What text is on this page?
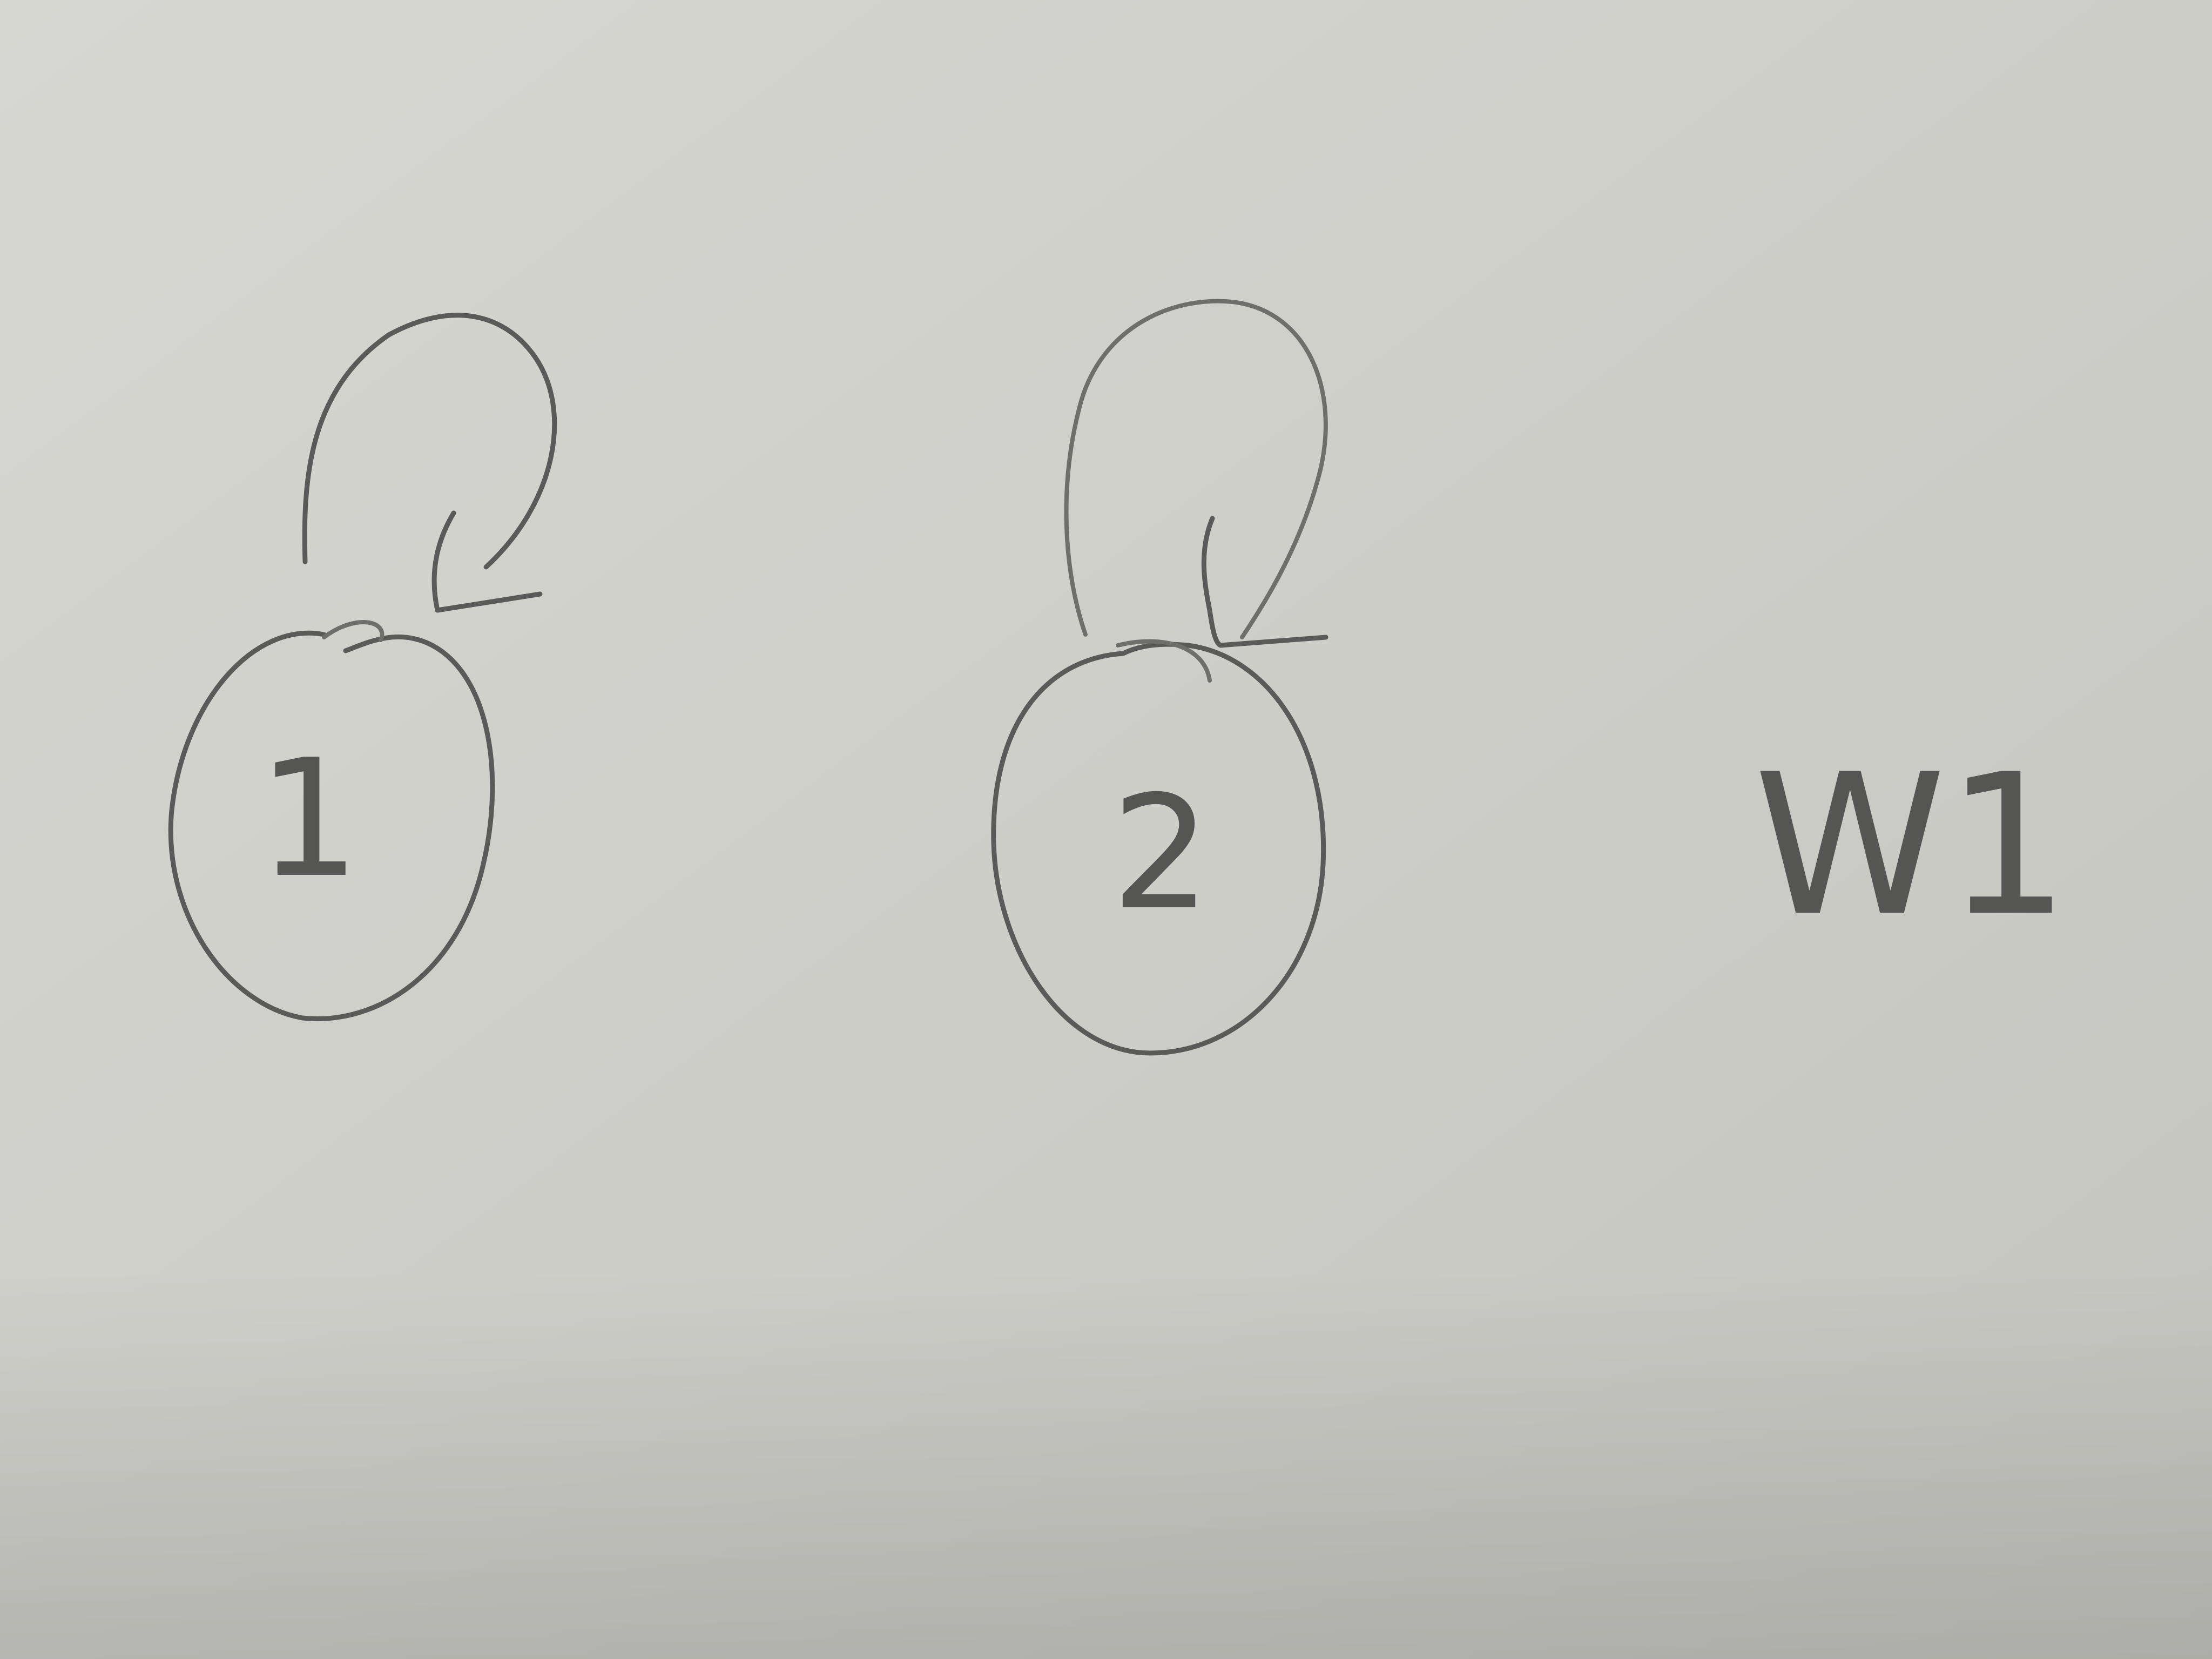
1	2	W1
